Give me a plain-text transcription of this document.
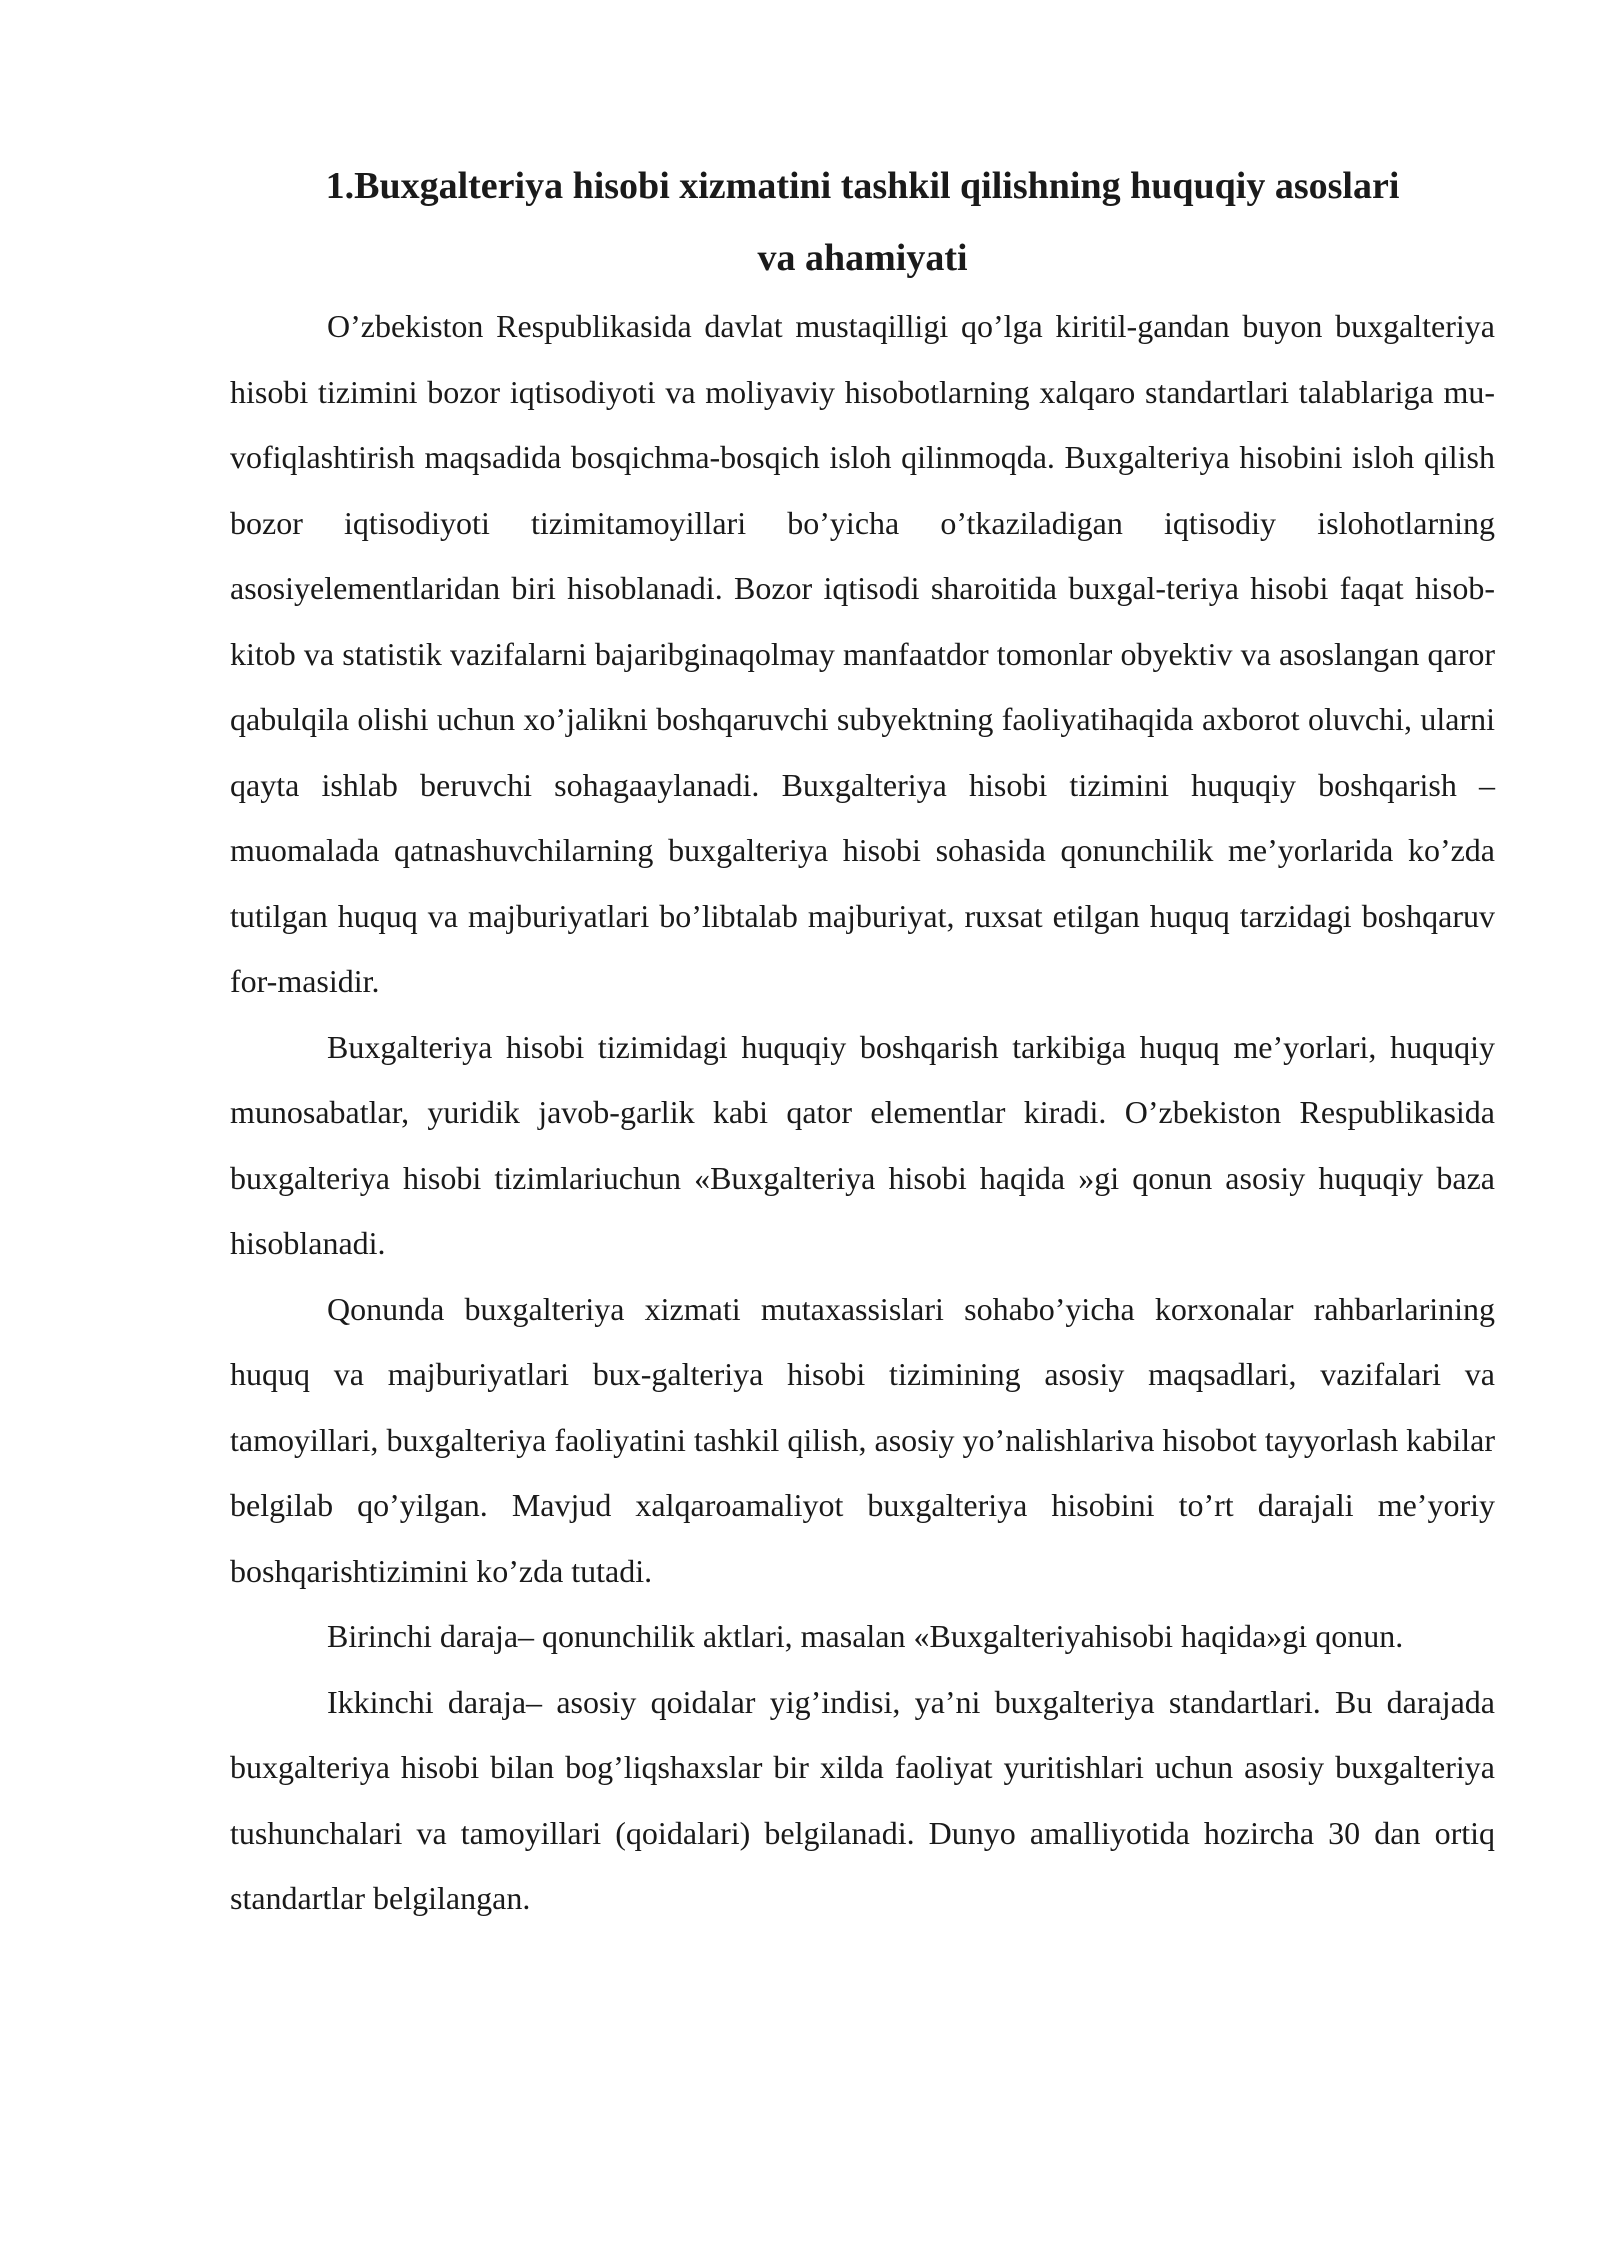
1.Buxgalteriya hisobi xizmatini tashkil qilishning huquqiy asoslari
va ahamiyati

O’zbekiston Respublikasida davlat mustaqilligi qo’lga kiritil-gandan buyon buxgalteriya hisobi tizimini bozor iqtisodiyoti va moliyaviy hisobotlarning xalqaro standartlari talablariga mu-vofiqlashtirish maqsadida bosqichma-bosqich isloh qilinmoqda. Buxgalteriya hisobini isloh qilish bozor iqtisodiyoti tizimitamoyillari bo’yicha o’tkaziladigan iqtisodiy islohotlarning asosiyelementlaridan biri hisoblanadi. Bozor iqtisodi sharoitida buxgal-teriya hisobi faqat hisob-kitob va statistik vazifalarni bajaribginaqolmay manfaatdor tomonlar obyektiv va asoslangan qaror qabulqila olishi uchun xo’jalikni boshqaruvchi subyektning faoliyatihaqida axborot oluvchi, ularni qayta ishlab beruvchi sohagaaylanadi. Buxgalteriya hisobi tizimini huquqiy boshqarish – muomalada qatnashuvchilarning buxgalteriya hisobi sohasida qonunchilik me’yorlarida ko’zda tutilgan huquq va majburiyatlari bo’libtalab majburiyat, ruxsat etilgan huquq tarzidagi boshqaruv for-masidir.

Buxgalteriya hisobi tizimidagi huquqiy boshqarish tarkibiga huquq me’yorlari, huquqiy munosabatlar, yuridik javob-garlik kabi qator elementlar kiradi. O’zbekiston Respublikasida buxgalteriya hisobi tizimlariuchun «Buxgalteriya hisobi haqida »gi qonun asosiy huquqiy baza hisoblanadi.

Qonunda buxgalteriya xizmati mutaxassislari sohabo’yicha korxonalar rahbarlarining huquq va majburiyatlari bux-galteriya hisobi tizimining asosiy maqsadlari, vazifalari va tamoyillari, buxgalteriya faoliyatini tashkil qilish, asosiy yo’nalishlariva hisobot tayyorlash kabilar belgilab qo’yilgan. Mavjud xalqaroamaliyot buxgalteriya hisobini to’rt darajali me’yoriy boshqarishtizimini ko’zda tutadi.

Birinchi daraja– qonunchilik aktlari, masalan «Buxgalteriyahisobi haqida»gi qonun.

Ikkinchi daraja– asosiy qoidalar yig’indisi, ya’ni buxgalteriya standartlari. Bu darajada buxgalteriya hisobi bilan bog’liqshaxslar bir xilda faoliyat yuritishlari uchun asosiy buxgalteriya tushunchalari va tamoyillari (qoidalari) belgilanadi. Dunyo amalliyotida hozircha 30 dan ortiq standartlar belgilangan.
